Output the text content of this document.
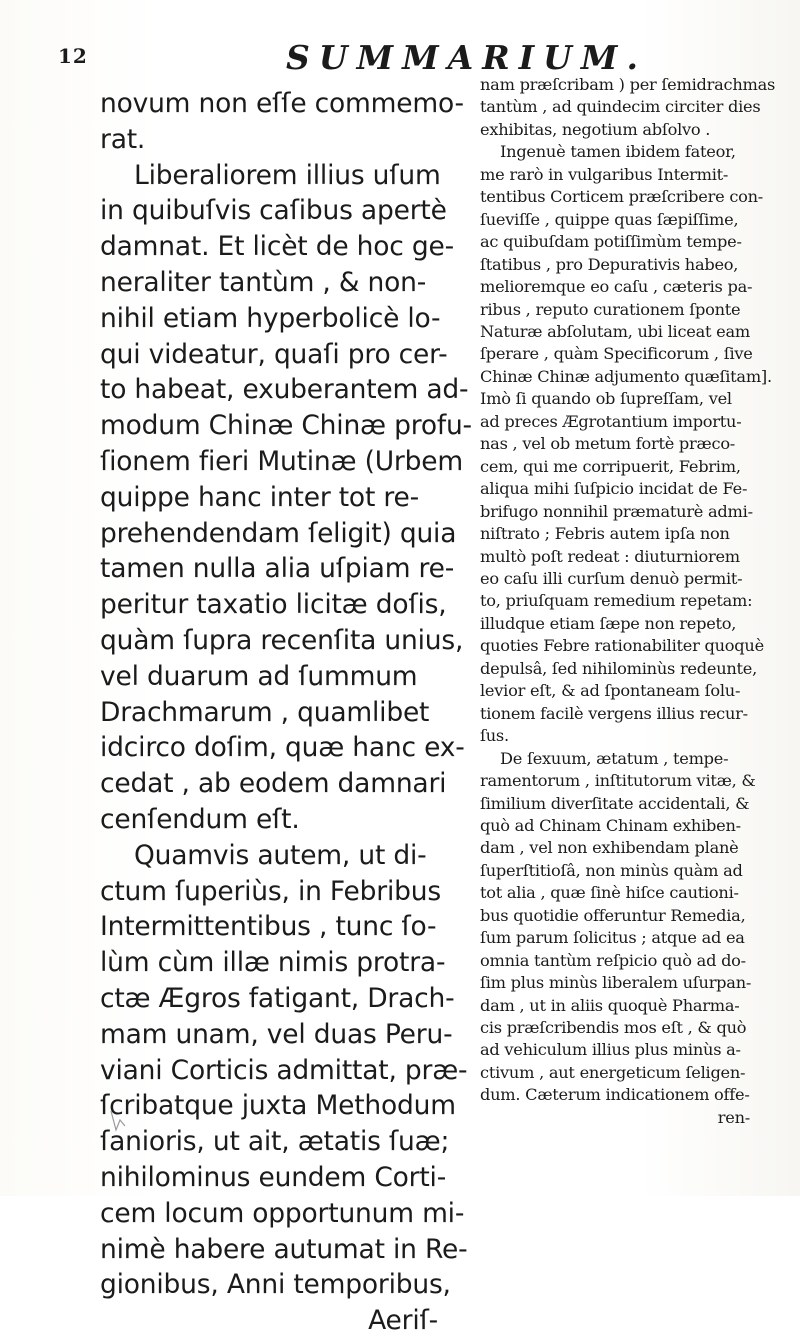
12	SUMMARIUM.
novum non eſſe commemo-
rat.
Liberaliorem illius uſum
in quibuſvis caſibus apertè
damnat. Et licèt de hoc ge-
neraliter tantùm , & non-
nihil etiam hyperbolicè lo-
qui videatur, quaſi pro cer-
to habeat, exuberantem ad-
modum Chinæ Chinæ profu-
ſionem fieri Mutinæ (Urbem
quippe hanc inter tot re-
prehendendam ſeligit) quia
tamen nulla alia uſpiam re-
peritur taxatio licitæ doſis,
quàm ſupra recenſita unius,
vel duarum ad ſummum
Drachmarum , quamlibet
idcirco doſim, quæ hanc ex-
cedat , ab eodem damnari
cenſendum eſt.
Quamvis autem, ut di-
ctum ſuperiùs, in Febribus
Intermittentibus , tunc ſo-
lùm cùm illæ nimis protra-
ctæ Ægros fatigant, Drach-
mam unam, vel duas Peru-
viani Corticis admittat, præ-
ſcribatque juxta Methodum
ſanioris, ut ait, ætatis ſuæ;
nihilominus eundem Corti-
cem locum opportunum mi-
nimè habere autumat in Re-
gionibus, Anni temporibus,
Aeriſ-
nam præſcribam ) per ſemidrachmas
tantùm , ad quindecim circiter dies
exhibitas, negotium abſolvo .
Ingenuè tamen ibidem fateor,
me rarò in vulgaribus Intermit-
tentibus Corticem præſcribere con-
ſueviſſe , quippe quas ſæpiſſime,
ac quibuſdam potiſſimùm tempe-
ſtatibus , pro Depurativis habeo,
melioremque eo caſu , cæteris pa-
ribus , reputo curationem ſponte
Naturæ abſolutam, ubi liceat eam
ſperare , quàm Specificorum , ſive
Chinæ Chinæ adjumento quæſitam].
Imò ſi quando ob ſupreſſam, vel
ad preces Ægrotantium importu-
nas , vel ob metum fortè præco-
cem, qui me corripuerit, Febrim,
aliqua mihi ſuſpicio incidat de Fe-
brifugo nonnihil præmaturè admi-
niſtrato ; Febris autem ipſa non
multò poſt redeat : diuturniorem
eo caſu illi curſum denuò permit-
to, priuſquam remedium repetam:
illudque etiam ſæpe non repeto,
quoties Febre rationabiliter quoquè
depulsâ, ſed nihilominùs redeunte,
levior eſt, & ad ſpontaneam ſolu-
tionem facilè vergens illius recur-
ſus.
De ſexuum, ætatum , tempe-
ramentorum , inſtitutorum vitæ, &
ſimilium diverſitate accidentali, &
quò ad Chinam Chinam exhiben-
dam , vel non exhibendam planè
ſuperſtitioſâ, non minùs quàm ad
tot alia , quæ ſinè hiſce cautioni-
bus quotidie offeruntur Remedia,
ſum parum ſolicitus ; atque ad ea
omnia tantùm reſpicio quò ad do-
ſim plus minùs liberalem uſurpan-
dam , ut in aliis quoquè Pharma-
cis præſcribendis mos eſt , & quò
ad vehiculum illius plus minùs a-
ctivum , aut energeticum ſeligen-
dum. Cæterum indicationem offe-
ren-
